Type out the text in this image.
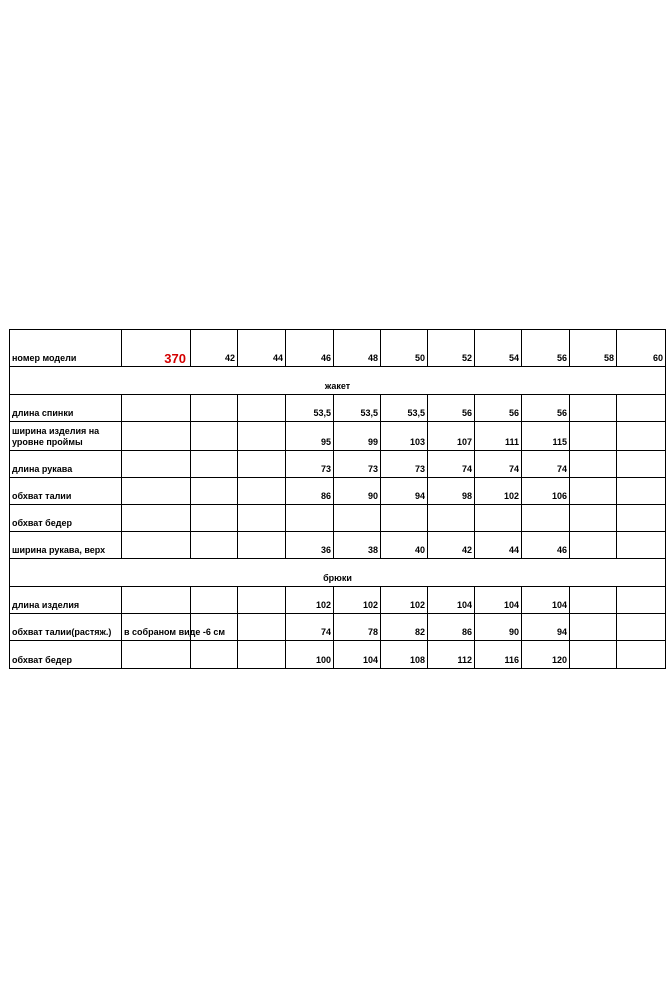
номер модели	370	42	44	46	48	50	52	54	56	58	60
жакет											
длина спинки				53,5	53,5	53,5	56	56	56		
ширина изделия на уровне проймы				95	99	103	107	111	115		
длина рукава				73	73	73	74	74	74		
обхват талии				86	90	94	98	102	106		
обхват бедер											
ширина рукава, верх				36	38	40	42	44	46		
брюки											
длина изделия				102	102	102	104	104	104		
обхват талии(растяж.)	в собраном виде -6 см			74	78	82	86	90	94		
обхват бедер				100	104	108	112	116	120		
